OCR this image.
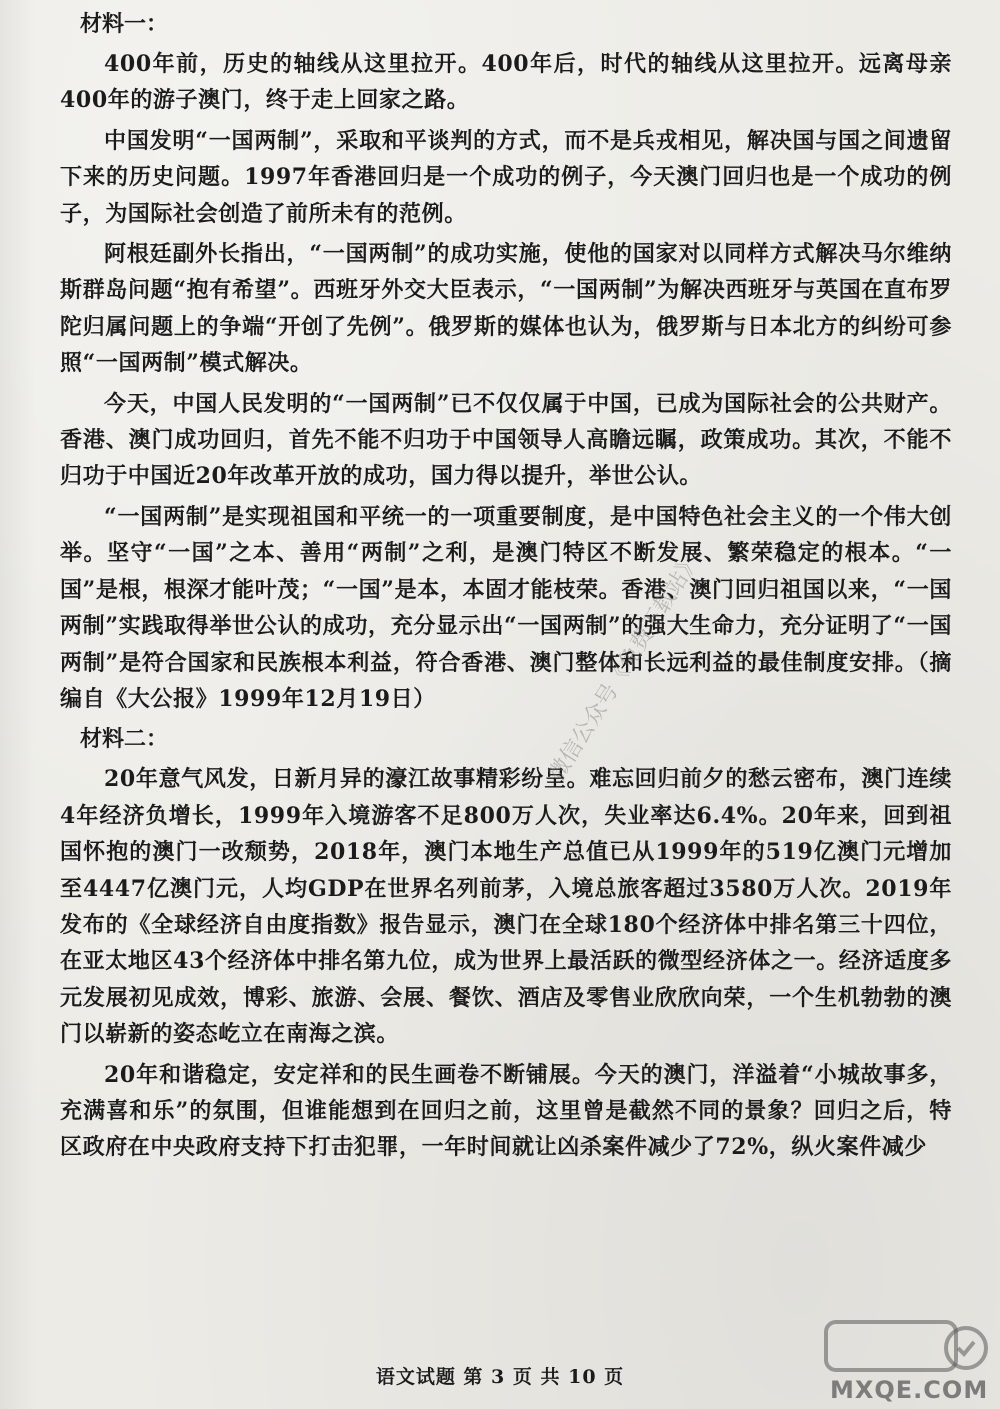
材料一：

400年前，历史的轴线从这里拉开。400年后，时代的轴线从这里拉开。远离母亲400年的游子澳门，终于走上回家之路。

中国发明“一国两制”，采取和平谈判的方式，而不是兵戎相见，解决国与国之间遗留下来的历史问题。1997年香港回归是一个成功的例子，今天澳门回归也是一个成功的例子，为国际社会创造了前所未有的范例。

阿根廷副外长指出，“一国两制”的成功实施，使他的国家对以同样方式解决马尔维纳斯群岛问题“抱有希望”。西班牙外交大臣表示，“一国两制”为解决西班牙与英国在直布罗陀归属问题上的争端“开创了先例”。俄罗斯的媒体也认为，俄罗斯与日本北方的纠纷可参照“一国两制”模式解决。

今天，中国人民发明的“一国两制”已不仅仅属于中国，已成为国际社会的公共财产。香港、澳门成功回归，首先不能不归功于中国领导人高瞻远瞩，政策成功。其次，不能不归功于中国近20年改革开放的成功，国力得以提升，举世公认。

“一国两制”是实现祖国和平统一的一项重要制度，是中国特色社会主义的一个伟大创举。坚守“一国”之本、善用“两制”之利，是澳门特区不断发展、繁荣稳定的根本。“一国”是根，根深才能叶茂；“一国”是本，本固才能枝荣。香港、澳门回归祖国以来，“一国两制”实践取得举世公认的成功，充分显示出“一国两制”的强大生命力，充分证明了“一国两制”是符合国家和民族根本利益，符合香港、澳门整体和长远利益的最佳制度安排。（摘编自《大公报》1999年12月19日）

材料二：

20年意气风发，日新月异的濠江故事精彩纷呈。难忘回归前夕的愁云密布，澳门连续4年经济负增长，1999年入境游客不足800万人次，失业率达6.4%。20年来，回到祖国怀抱的澳门一改颓势，2018年，澳门本地生产总值已从1999年的519亿澳门元增加至4447亿澳门元，人均GDP在世界名列前茅，入境总旅客超过3580万人次。2019年发布的《全球经济自由度指数》报告显示，澳门在全球180个经济体中排名第三十四位，在亚太地区43个经济体中排名第九位，成为世界上最活跃的微型经济体之一。经济适度多元发展初见成效，博彩、旅游、会展、餐饮、酒店及零售业欣欣向荣，一个生机勃勃的澳门以崭新的姿态屹立在南海之滨。

20年和谐稳定，安定祥和的民生画卷不断铺展。今天的澳门，洋溢着“小城故事多，充满喜和乐”的氛围，但谁能想到在回归之前，这里曾是截然不同的景象？回归之后，特区政府在中央政府支持下打击犯罪，一年时间就让凶杀案件减少了72%，纵火案件减少

微信公众号《免费下载站》
MXQE.COM
语文试题 第 3 页 共 10 页
